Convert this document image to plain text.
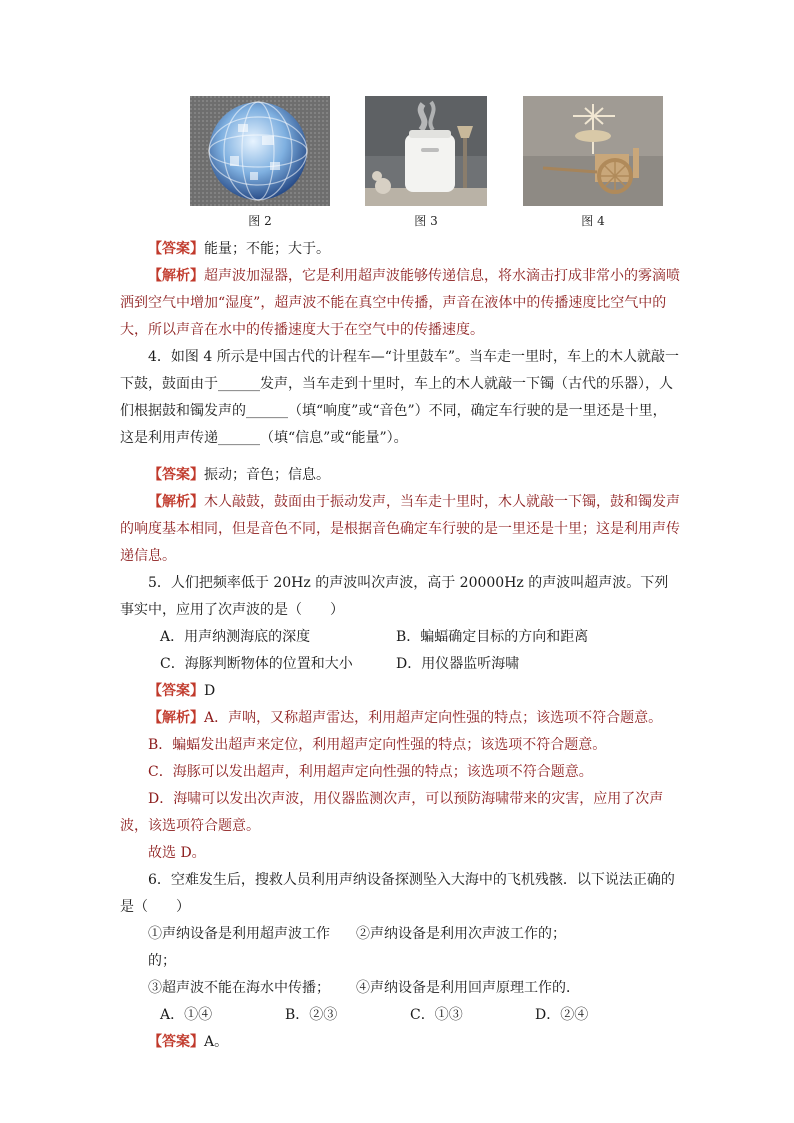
图 2	图 3	图 4

【答案】能量；不能；大于。

【解析】超声波加湿器，它是利用超声波能够传递信息，将水滴击打成非常小的雾滴喷洒到空气中增加“湿度”，超声波不能在真空中传播，声音在液体中的传播速度比空气中的大，所以声音在水中的传播速度大于在空气中的传播速度。

4．如图 4 所示是中国古代的计程车—“计里鼓车”。当车走一里时，车上的木人就敲一下鼓，鼓面由于______发声，当车走到十里时，车上的木人就敲一下镯（古代的乐器），人们根据鼓和镯发声的______（填“响度”或“音色”）不同，确定车行驶的是一里还是十里，这是利用声传递______（填“信息”或“能量”）。

【答案】振动；音色；信息。

【解析】木人敲鼓，鼓面由于振动发声，当车走十里时，木人就敲一下镯，鼓和镯发声的响度基本相同，但是音色不同，是根据音色确定车行驶的是一里还是十里；这是利用声传递信息。

5．人们把频率低于 20Hz 的声波叫次声波，高于 20000Hz 的声波叫超声波。下列事实中，应用了次声波的是（　　）

A．用声纳测海底的深度	B．蝙蝠确定目标的方向和距离
C．海豚判断物体的位置和大小	D．用仪器监听海啸

【答案】D

【解析】A．声呐，又称超声雷达，利用超声定向性强的特点；该选项不符合题意。

B．蝙蝠发出超声来定位，利用超声定向性强的特点；该选项不符合题意。

C．海豚可以发出超声，利用超声定向性强的特点；该选项不符合题意。

D．海啸可以发出次声波，用仪器监测次声，可以预防海啸带来的灾害，应用了次声波，该选项符合题意。

故选 D。

6．空难发生后，搜救人员利用声纳设备探测坠入大海中的飞机残骸．以下说法正确的是（　　）

①声纳设备是利用超声波工作的；
②声纳设备是利用次声波工作的；
③超声波不能在海水中传播；	④声纳设备是利用回声原理工作的．
A．①④	B．②③	C．①③	D．②④

【答案】A。
